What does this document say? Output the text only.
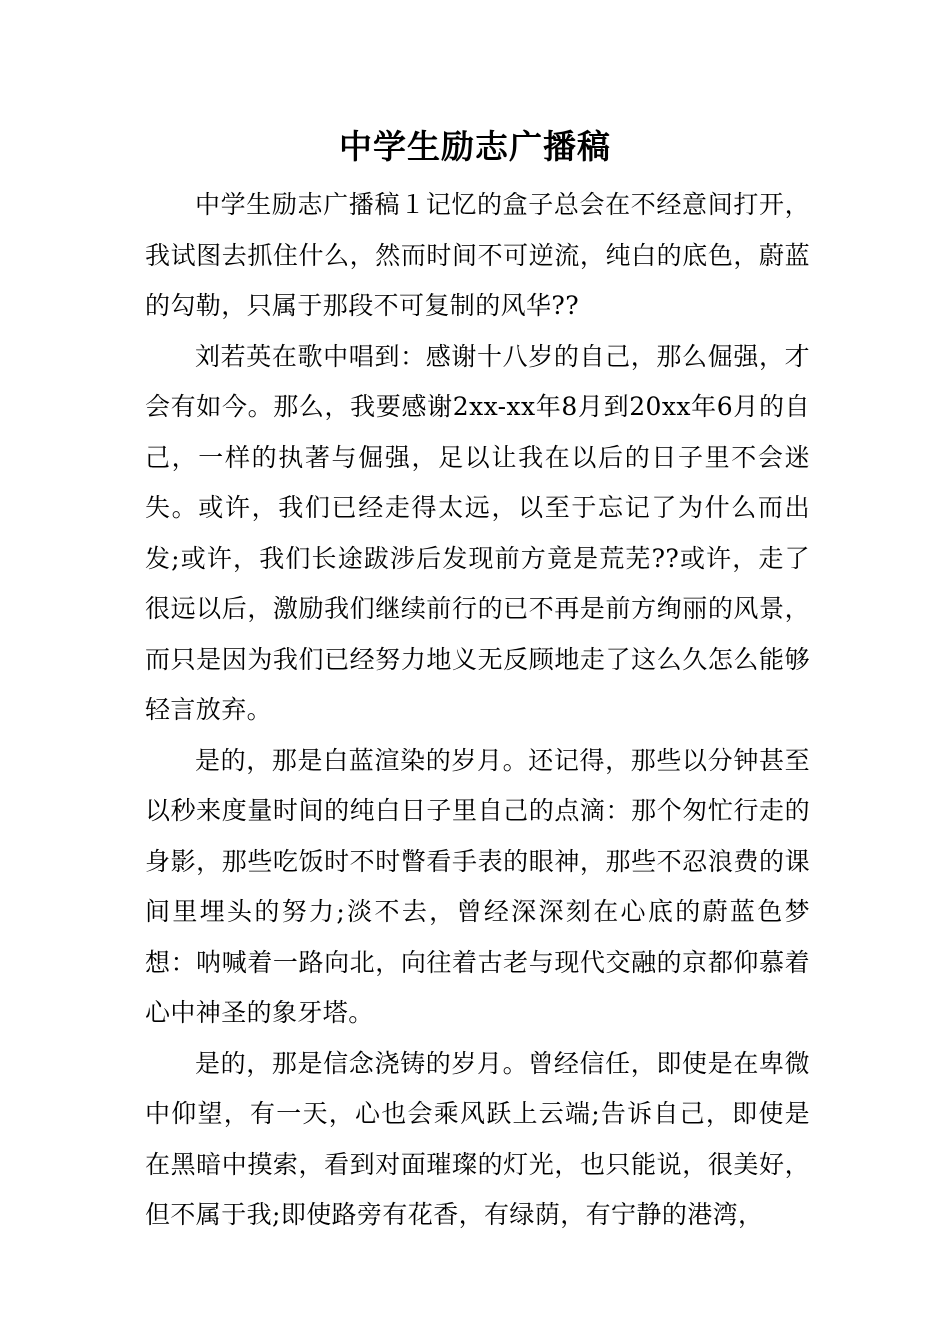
中学生励志广播稿

中学生励志广播稿１记忆的盒子总会在不经意间打开，我试图去抓住什么，然而时间不可逆流，纯白的底色，蔚蓝的勾勒，只属于那段不可复制的风华??

刘若英在歌中唱到：感谢十八岁的自己，那么倔强，才会有如今。那么，我要感谢2xx-xx年8月到20xx年6月的自己，一样的执著与倔强，足以让我在以后的日子里不会迷失。或许，我们已经走得太远，以至于忘记了为什么而出发;或许，我们长途跋涉后发现前方竟是荒芜??或许，走了很远以后，激励我们继续前行的已不再是前方绚丽的风景，而只是因为我们已经努力地义无反顾地走了这么久怎么能够轻言放弃。

是的，那是白蓝渲染的岁月。还记得，那些以分钟甚至以秒来度量时间的纯白日子里自己的点滴：那个匆忙行走的身影，那些吃饭时不时瞥看手表的眼神，那些不忍浪费的课间里埋头的努力;淡不去，曾经深深刻在心底的蔚蓝色梦想：呐喊着一路向北，向往着古老与现代交融的京都仰慕着心中神圣的象牙塔。

是的，那是信念浇铸的岁月。曾经信任，即使是在卑微中仰望，有一天，心也会乘风跃上云端;告诉自己，即使是在黑暗中摸索，看到对面璀璨的灯光，也只能说，很美好，但不属于我;即使路旁有花香，有绿荫，有宁静的港湾，
